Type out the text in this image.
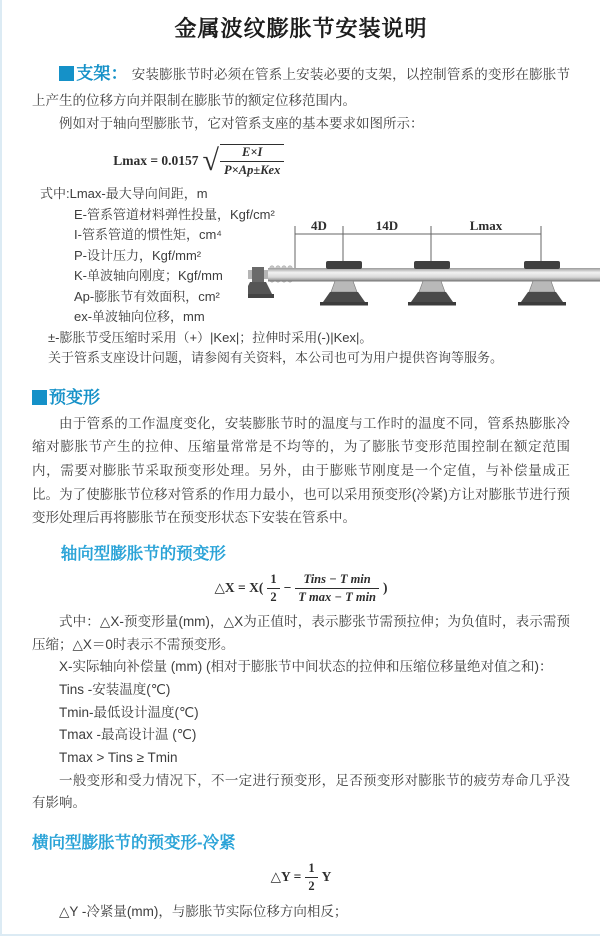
金属波纹膨胀节安装说明

支架： 安装膨胀节时必须在管系上安装必要的支架，以控制管系的变形在膨胀节上产生的位移方向并限制在膨胀节的额定位移范围内。

例如对于轴向型膨胀节，它对管系支座的基本要求如图所示：

Lmax = 0.0157 √ $\frac{E\times I}{\text{P×Ap±Kex}}$
式中:Lmax-最大导向间距，m
E-管系管道材料弹性投量，Kgf/cm²
I-管系管道的惯性矩，cm⁴
P-设计压力，Kgf/mm²
K-单波轴向刚度；Kgf/mm
Ap-膨胀节有效面积，cm²
ex-单波轴向位移，mm
±-膨胀节受压缩时采用（+）|Kex|；拉伸时采用(-)|Kex|。
关于管系支座设计问题，请参阅有关资料，本公司也可为用户提供咨询等服务。
4D	14D	Lmax
预变形

由于管系的工作温度变化，安装膨胀节时的温度与工作时的温度不同，管系热膨胀冷缩对膨胀节产生的拉伸、压缩量常常是不均等的，为了膨胀节变形范围控制在额定范围内，需要对膨胀节采取预变形处理。另外，由于膨账节刚度是一个定值，与补偿量成正比。为了使膨胀节位移对管系的作用力最小，也可以采用预变形(冷紧)方让对膨胀节进行预变形处理后再将膨胀节在预变形状态下安装在管系中。

轴向型膨胀节的预变形
△X = $X( \frac{1}{2} - \frac{\text{Tins − T min}}{\text{T max − T min}}$ )

式中：△X-预变形量(mm)，△X为正值时，表示膨张节需预拉伸；为负值时，表示需预压缩；△X＝0时表示不需预变形。

X-实际轴向补偿量 (mm) (相对于膨胀节中间状态的拉伸和压缩位移量绝对值之和)：

Tins -安装温度(℃)

Tmin-最低设计温度(℃)

Tmax -最高设计温 (℃)

Tmax > Tins ≥ Tmin

一般变形和受力情况下，不一定进行预变形，足否预变形对膨胀节的疲劳寿命几乎没有影响。

横向型膨胀节的预变形-冷紧
△Y = $\frac{1}{2}$ Y

△Y -冷紧量(mm)，与膨胀节实际位移方向相反；
